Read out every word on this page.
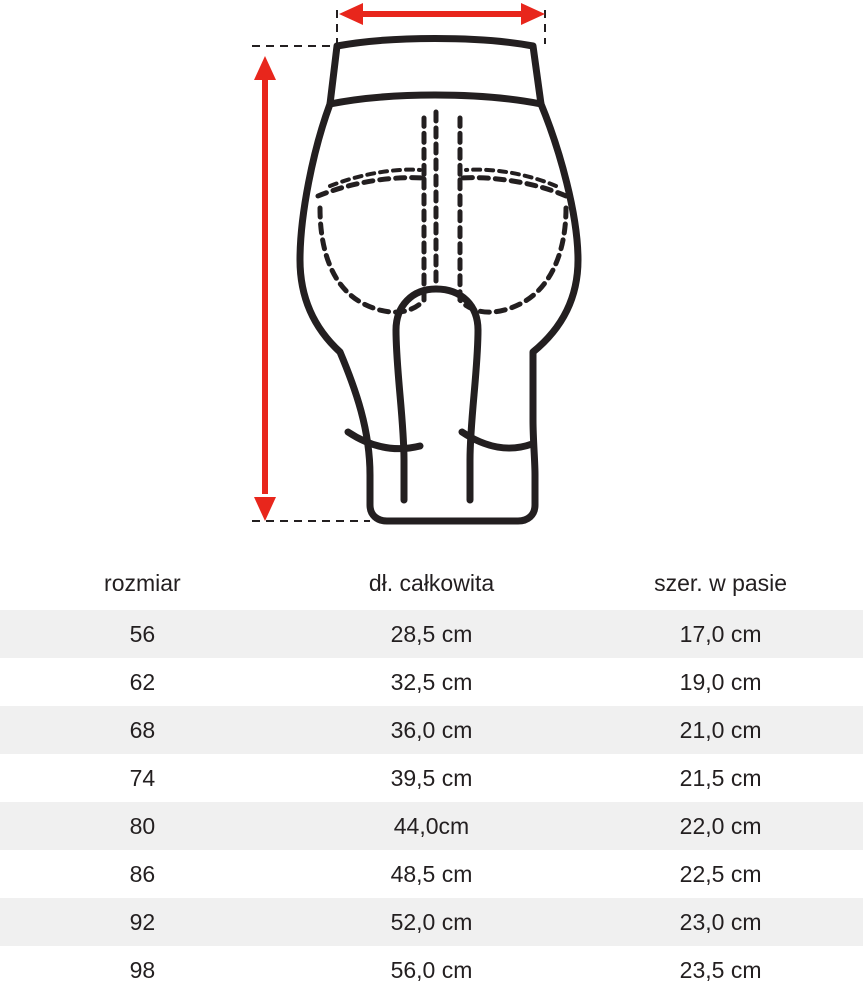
rozmiar	dł. całkowita	szer. w pasie
56	28,5 cm	17,0 cm
62	32,5 cm	19,0 cm
68	36,0 cm	21,0 cm
74	39,5 cm	21,5 cm
80	44,0cm	22,0 cm
86	48,5 cm	22,5 cm
92	52,0 cm	23,0 cm
98	56,0 cm	23,5 cm
